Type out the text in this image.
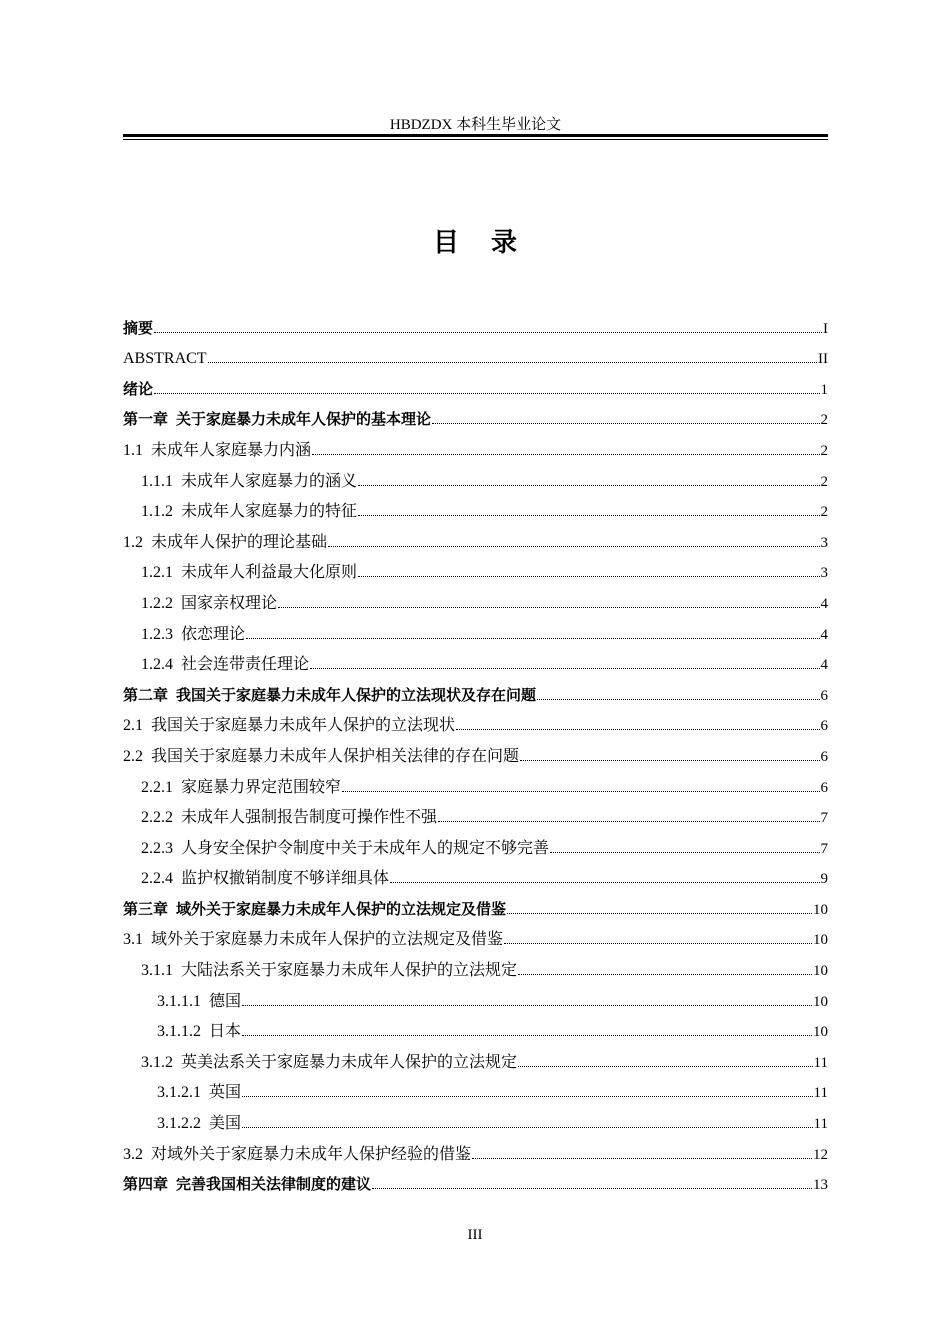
HBDZDX 本科生毕业论文
目录
摘要	I
ABSTRACT	II
绪论	1
第一章 关于家庭暴力未成年人保护的基本理论	2
1.1 未成年人家庭暴力内涵	2
1.1.1 未成年人家庭暴力的涵义	2
1.1.2 未成年人家庭暴力的特征	2
1.2 未成年人保护的理论基础	3
1.2.1 未成年人利益最大化原则	3
1.2.2 国家亲权理论	4
1.2.3 依恋理论	4
1.2.4 社会连带责任理论	4
第二章 我国关于家庭暴力未成年人保护的立法现状及存在问题	6
2.1 我国关于家庭暴力未成年人保护的立法现状	6
2.2 我国关于家庭暴力未成年人保护相关法律的存在问题	6
2.2.1 家庭暴力界定范围较窄	6
2.2.2 未成年人强制报告制度可操作性不强	7
2.2.3 人身安全保护令制度中关于未成年人的规定不够完善	7
2.2.4 监护权撤销制度不够详细具体	9
第三章 域外关于家庭暴力未成年人保护的立法规定及借鉴	10
3.1 域外关于家庭暴力未成年人保护的立法规定及借鉴	10
3.1.1 大陆法系关于家庭暴力未成年人保护的立法规定	10
3.1.1.1 德国	10
3.1.1.2 日本	10
3.1.2 英美法系关于家庭暴力未成年人保护的立法规定	11
3.1.2.1 英国	11
3.1.2.2 美国	11
3.2 对域外关于家庭暴力未成年人保护经验的借鉴	12
第四章 完善我国相关法律制度的建议	13
III
